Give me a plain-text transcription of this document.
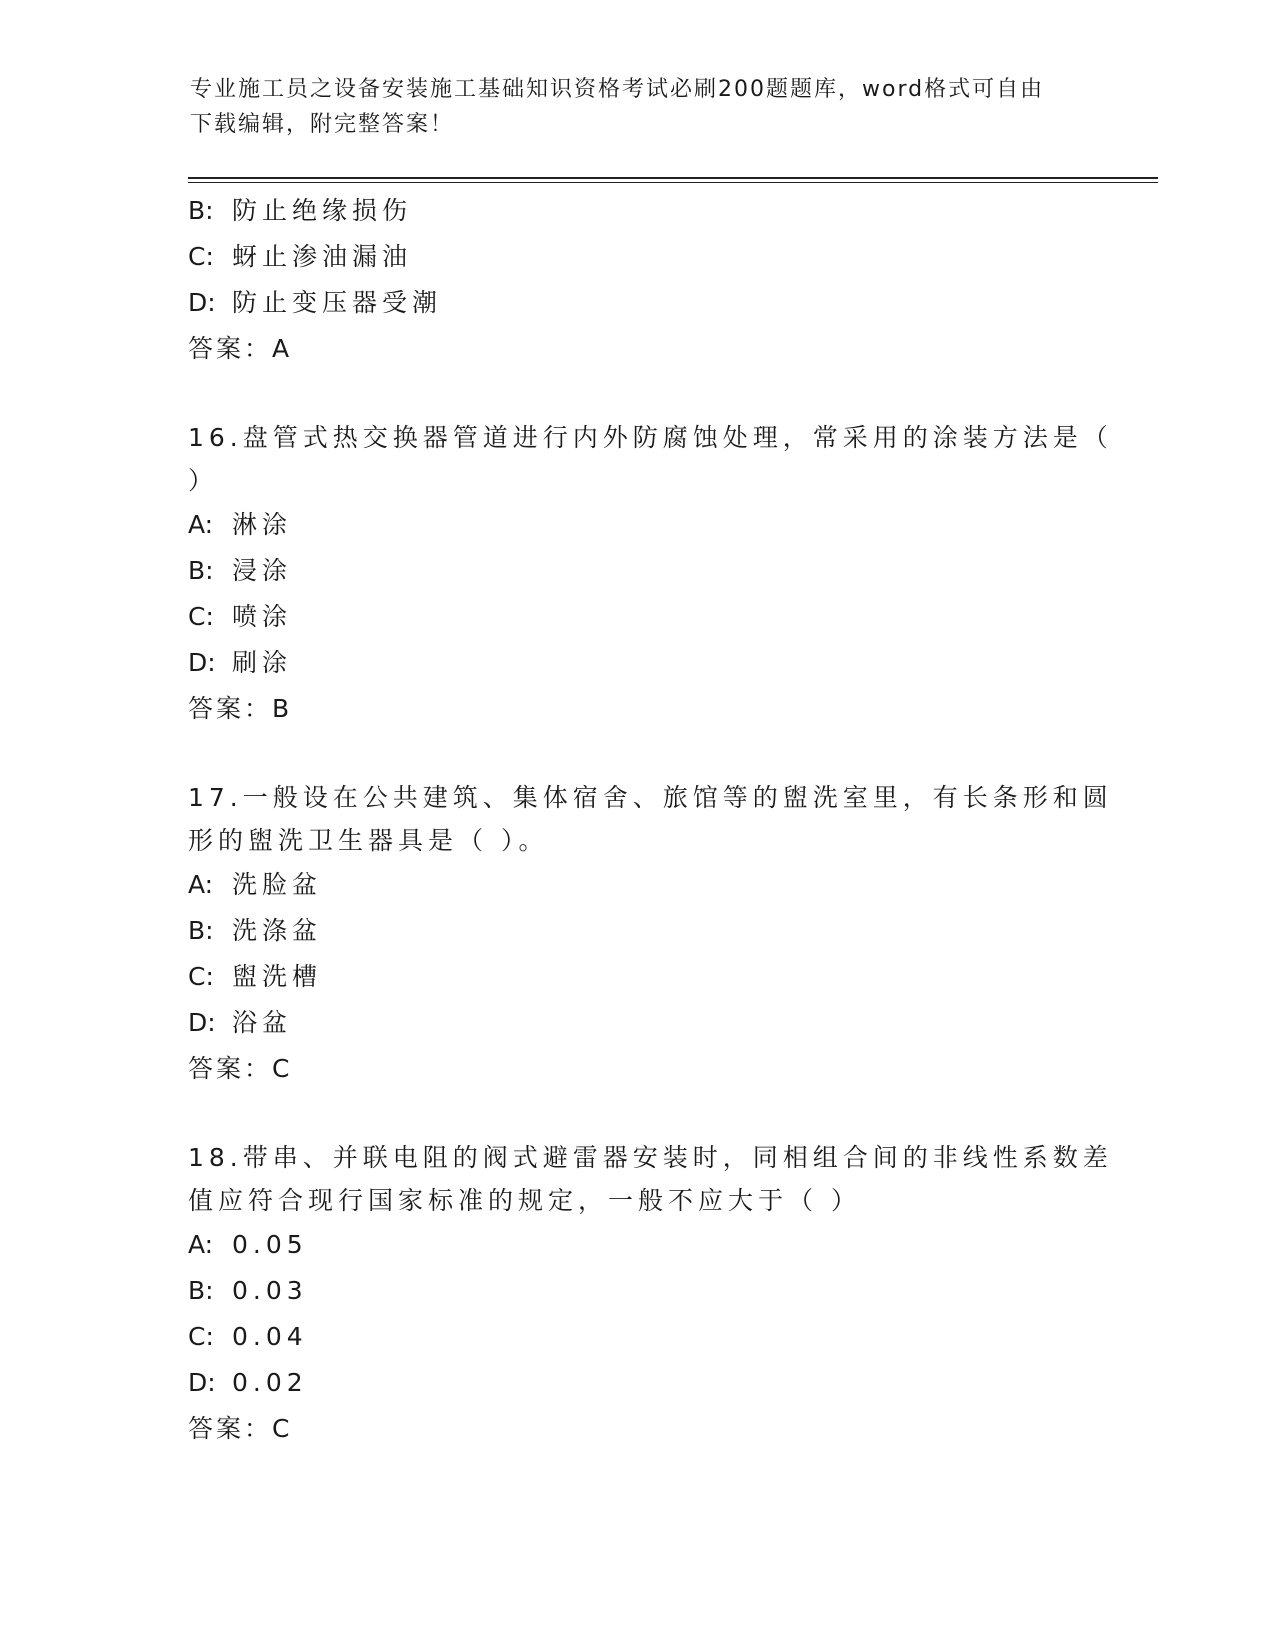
专业施工员之设备安装施工基础知识资格考试必刷200题题库，word格式可自由
下载编辑，附完整答案！
B: 防止绝缘损伤
C: 蚜止渗油漏油
D: 防止变压器受潮
答案：A
16.盘管式热交换器管道进行内外防腐蚀处理，常采用的涂装方法是（
）
A: 淋涂
B: 浸涂
C: 喷涂
D: 刷涂
答案：B
17.一般设在公共建筑、集体宿舍、旅馆等的盥洗室里，有长条形和圆
形的盥洗卫生器具是（ ）。
A: 洗脸盆
B: 洗涤盆
C: 盥洗槽
D: 浴盆
答案：C
18.带串、并联电阻的阀式避雷器安装时，同相组合间的非线性系数差
值应符合现行国家标准的规定，一般不应大于（ ）
A: 0.05
B: 0.03
C: 0.04
D: 0.02
答案：C
